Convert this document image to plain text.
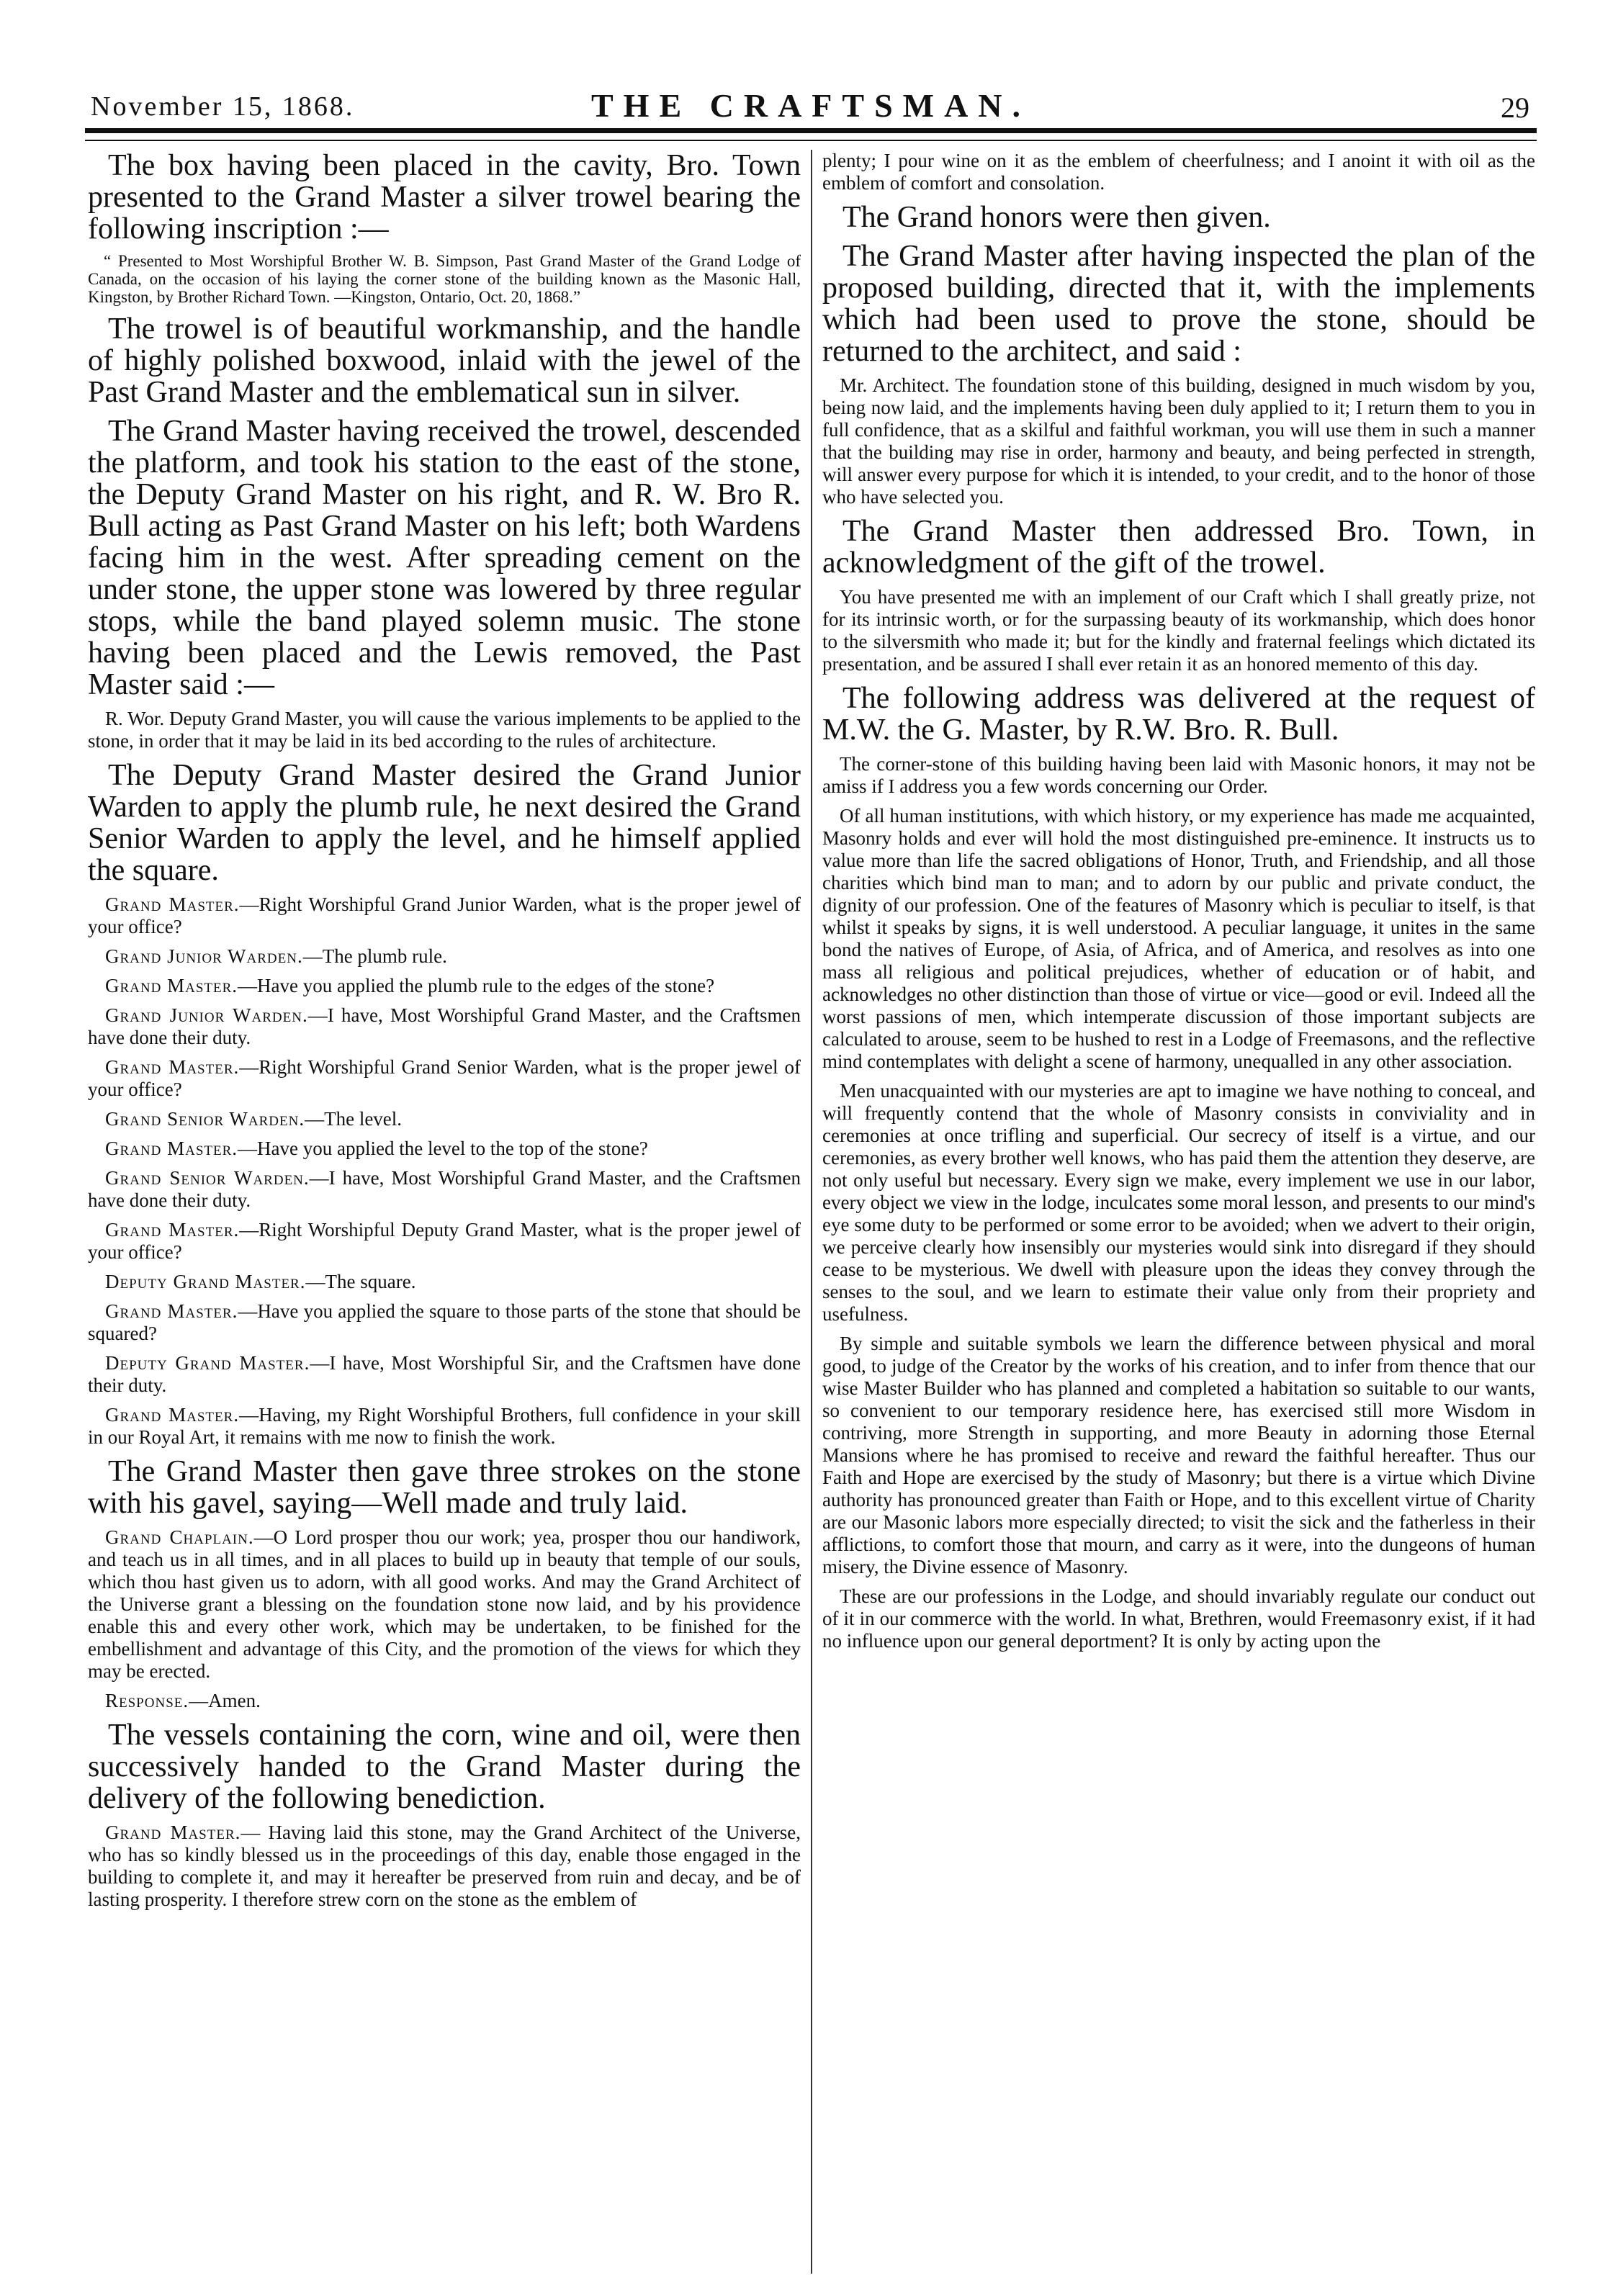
November 15, 1868.	THE CRAFTSMAN.	29

The box having been placed in the cavity, Bro. Town presented to the Grand Master a silver trowel bearing the following inscription :—

“ Presented to Most Worshipful Brother W. B. Simpson, Past Grand Master of the Grand Lodge of Canada, on the occasion of his laying the corner stone of the building known as the Masonic Hall, Kingston, by Brother Richard Town. —Kingston, Ontario, Oct. 20, 1868.”

The trowel is of beautiful workmanship, and the handle of highly polished boxwood, inlaid with the jewel of the Past Grand Master and the emblematical sun in silver.

The Grand Master having received the trowel, descended the platform, and took his station to the east of the stone, the Deputy Grand Master on his right, and R. W. Bro R. Bull acting as Past Grand Master on his left; both Wardens facing him in the west. After spreading cement on the under stone, the upper stone was lowered by three regular stops, while the band played solemn music. The stone having been placed and the Lewis removed, the Past Master said :—

R. Wor. Deputy Grand Master, you will cause the various implements to be applied to the stone, in order that it may be laid in its bed according to the rules of architecture.

The Deputy Grand Master desired the Grand Junior Warden to apply the plumb rule, he next desired the Grand Senior Warden to apply the level, and he himself applied the square.

Grand Master.—Right Worshipful Grand Junior Warden, what is the proper jewel of your office?

Grand Junior Warden.—The plumb rule.

Grand Master.—Have you applied the plumb rule to the edges of the stone?

Grand Junior Warden.—I have, Most Worshipful Grand Master, and the Craftsmen have done their duty.

Grand Master.—Right Worshipful Grand Senior Warden, what is the proper jewel of your office?

Grand Senior Warden.—The level.

Grand Master.—Have you applied the level to the top of the stone?

Grand Senior Warden.—I have, Most Worshipful Grand Master, and the Craftsmen have done their duty.

Grand Master.—Right Worshipful Deputy Grand Master, what is the proper jewel of your office?

Deputy Grand Master.—The square.

Grand Master.—Have you applied the square to those parts of the stone that should be squared?

Deputy Grand Master.—I have, Most Worshipful Sir, and the Craftsmen have done their duty.

Grand Master.—Having, my Right Worshipful Brothers, full confidence in your skill in our Royal Art, it remains with me now to finish the work.

The Grand Master then gave three strokes on the stone with his gavel, saying—Well made and truly laid.

Grand Chaplain.—O Lord prosper thou our work; yea, prosper thou our handiwork, and teach us in all times, and in all places to build up in beauty that temple of our souls, which thou hast given us to adorn, with all good works. And may the Grand Architect of the Universe grant a blessing on the foundation stone now laid, and by his providence enable this and every other work, which may be undertaken, to be finished for the embellishment and advantage of this City, and the promotion of the views for which they may be erected.

Response.—Amen.

The vessels containing the corn, wine and oil, were then successively handed to the Grand Master during the delivery of the following benediction.

Grand Master.— Having laid this stone, may the Grand Architect of the Universe, who has so kindly blessed us in the proceedings of this day, enable those engaged in the building to complete it, and may it hereafter be preserved from ruin and decay, and be of lasting prosperity. I therefore strew corn on the stone as the emblem of

plenty; I pour wine on it as the emblem of cheerfulness; and I anoint it with oil as the emblem of comfort and consolation.

The Grand honors were then given.

The Grand Master after having inspected the plan of the proposed building, directed that it, with the implements which had been used to prove the stone, should be returned to the architect, and said :

Mr. Architect. The foundation stone of this building, designed in much wisdom by you, being now laid, and the implements having been duly applied to it; I return them to you in full confidence, that as a skilful and faithful workman, you will use them in such a manner that the building may rise in order, harmony and beauty, and being perfected in strength, will answer every purpose for which it is intended, to your credit, and to the honor of those who have selected you.

The Grand Master then addressed Bro. Town, in acknowledgment of the gift of the trowel.

You have presented me with an implement of our Craft which I shall greatly prize, not for its intrinsic worth, or for the surpassing beauty of its workmanship, which does honor to the silversmith who made it; but for the kindly and fraternal feelings which dictated its presentation, and be assured I shall ever retain it as an honored memento of this day.

The following address was delivered at the request of M.W. the G. Master, by R.W. Bro. R. Bull.

The corner-stone of this building having been laid with Masonic honors, it may not be amiss if I address you a few words concerning our Order.

Of all human institutions, with which history, or my experience has made me acquainted, Masonry holds and ever will hold the most distinguished pre-eminence. It instructs us to value more than life the sacred obligations of Honor, Truth, and Friendship, and all those charities which bind man to man; and to adorn by our public and private conduct, the dignity of our profession. One of the features of Masonry which is peculiar to itself, is that whilst it speaks by signs, it is well understood. A peculiar language, it unites in the same bond the natives of Europe, of Asia, of Africa, and of America, and resolves as into one mass all religious and political prejudices, whether of education or of habit, and acknowledges no other distinction than those of virtue or vice—good or evil. Indeed all the worst passions of men, which intemperate discussion of those important subjects are calculated to arouse, seem to be hushed to rest in a Lodge of Freemasons, and the reflective mind contemplates with delight a scene of harmony, unequalled in any other association.

Men unacquainted with our mysteries are apt to imagine we have nothing to conceal, and will frequently contend that the whole of Masonry consists in conviviality and in ceremonies at once trifling and superficial. Our secrecy of itself is a virtue, and our ceremonies, as every brother well knows, who has paid them the attention they deserve, are not only useful but necessary. Every sign we make, every implement we use in our labor, every object we view in the lodge, inculcates some moral lesson, and presents to our mind's eye some duty to be performed or some error to be avoided; when we advert to their origin, we perceive clearly how insensibly our mysteries would sink into disregard if they should cease to be mysterious. We dwell with pleasure upon the ideas they convey through the senses to the soul, and we learn to estimate their value only from their propriety and usefulness.

By simple and suitable symbols we learn the difference between physical and moral good, to judge of the Creator by the works of his creation, and to infer from thence that our wise Master Builder who has planned and completed a habitation so suitable to our wants, so convenient to our temporary residence here, has exercised still more Wisdom in contriving, more Strength in supporting, and more Beauty in adorning those Eternal Mansions where he has promised to receive and reward the faithful hereafter. Thus our Faith and Hope are exercised by the study of Masonry; but there is a virtue which Divine authority has pronounced greater than Faith or Hope, and to this excellent virtue of Charity are our Masonic labors more especially directed; to visit the sick and the fatherless in their afflictions, to comfort those that mourn, and carry as it were, into the dungeons of human misery, the Divine essence of Masonry.

These are our professions in the Lodge, and should invariably regulate our conduct out of it in our commerce with the world. In what, Brethren, would Freemasonry exist, if it had no influence upon our general deportment? It is only by acting upon the
